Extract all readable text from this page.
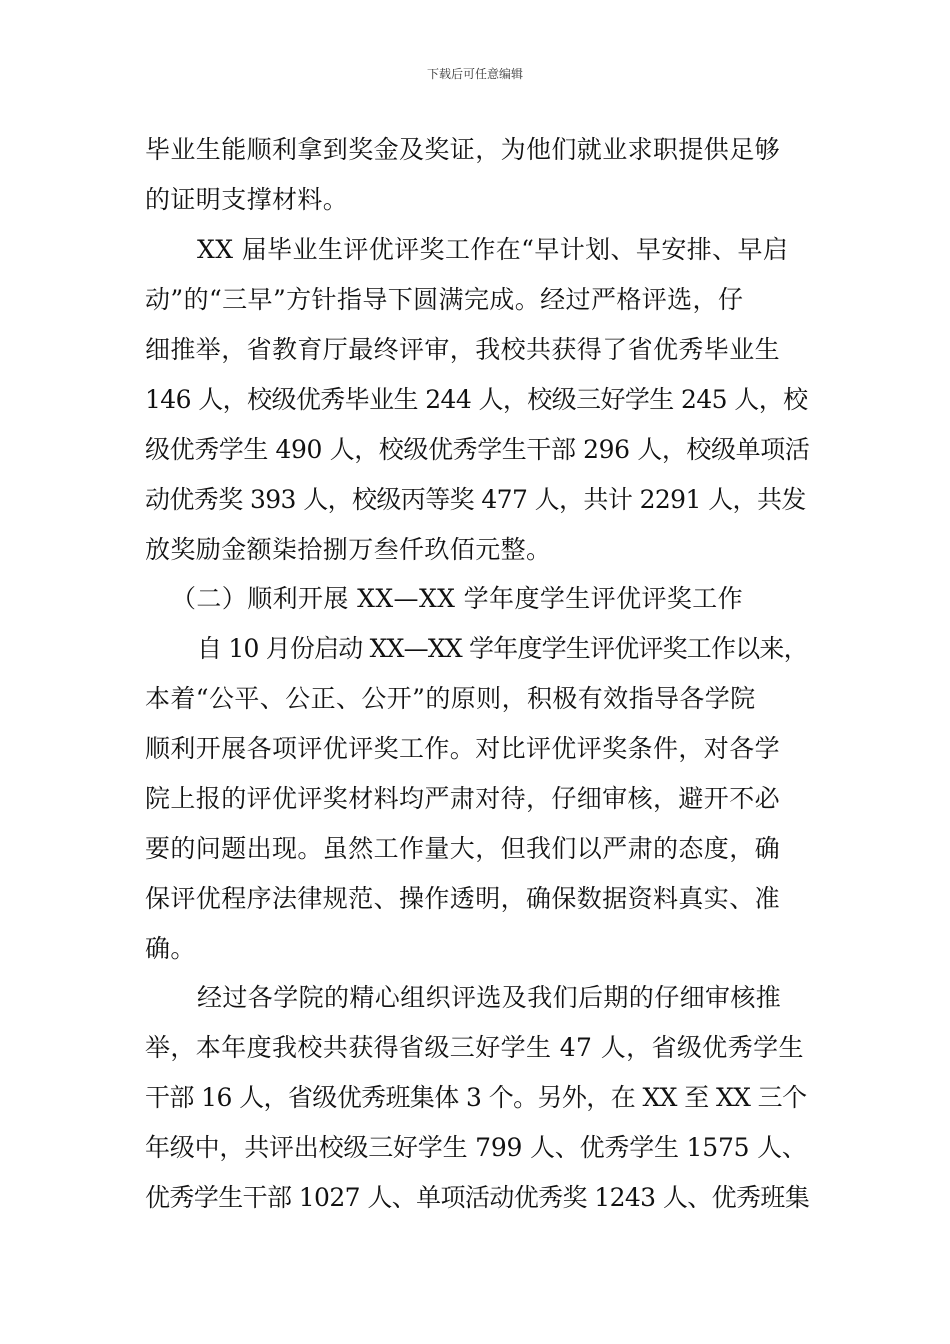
下载后可任意编辑
毕业生能顺利拿到奖金及奖证，为他们就业求职提供足够
的证明支撑材料。
XX 届毕业生评优评奖工作在“早计划、早安排、早启
动”的“三早”方针指导下圆满完成。经过严格评选，仔
细推举，省教育厅最终评审，我校共获得了省优秀毕业生
146 人，校级优秀毕业生 244 人，校级三好学生 245 人，校
级优秀学生 490 人，校级优秀学生干部 296 人，校级单项活
动优秀奖 393 人，校级丙等奖 477 人，共计 2291 人，共发
放奖励金额柒拾捌万叁仟玖佰元整。
（二）顺利开展 XX—XX 学年度学生评优评奖工作
自 10 月份启动 XX—XX 学年度学生评优评奖工作以来，
本着“公平、公正、公开”的原则，积极有效指导各学院
顺利开展各项评优评奖工作。对比评优评奖条件，对各学
院上报的评优评奖材料均严肃对待，仔细审核，避开不必
要的问题出现。虽然工作量大，但我们以严肃的态度，确
保评优程序法律规范、操作透明，确保数据资料真实、准
确。
经过各学院的精心组织评选及我们后期的仔细审核推
举，本年度我校共获得省级三好学生 47 人，省级优秀学生
干部 16 人，省级优秀班集体 3 个。另外，在 XX 至 XX 三个
年级中，共评出校级三好学生 799 人、优秀学生 1575 人、
优秀学生干部 1027 人、单项活动优秀奖 1243 人、优秀班集
